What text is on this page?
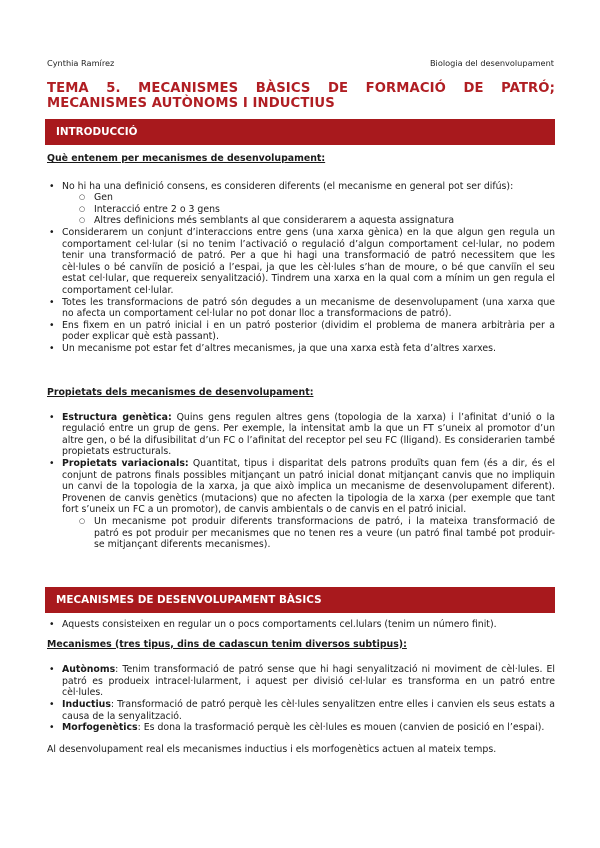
Cynthia Ramírez	Biologia del desenvolupament
TEMA 5. MECANISMES BÀSICS DE FORMACIÓ DE PATRÓ; MECANISMES AUTÒNOMS I INDUCTIUS
INTRODUCCIÓ
Què entenem per mecanismes de desenvolupament:
• No hi ha una definició consens, es consideren diferents (el mecanisme en general pot ser difús):
○ Gen
○ Interacció entre 2 o 3 gens
○ Altres definicions més semblants al que considerarem a aquesta assignatura
• Considerarem un conjunt d’interaccions entre gens (una xarxa gènica) en la que algun gen regula un comportament cel·lular (si no tenim l’activació o regulació d’algun comportament cel·lular, no podem tenir una transformació de patró. Per a que hi hagi una transformació de patró necessitem que les cèl·lules o bé canviïn de posició a l’espai, ja que les cèl·lules s’han de moure, o bé que canviïn el seu estat cel·lular, que requereix senyalització). Tindrem una xarxa en la qual com a mínim un gen regula el comportament cel·lular.
• Totes les transformacions de patró són degudes a un mecanisme de desenvolupament (una xarxa que no afecta un comportament cel·lular no pot donar lloc a transformacions de patró).
• Ens fixem en un patró inicial i en un patró posterior (dividim el problema de manera arbitrària per a poder explicar què està passant).
• Un mecanisme pot estar fet d’altres mecanismes, ja que una xarxa està feta d’altres xarxes.
Propietats dels mecanismes de desenvolupament:
• Estructura genètica: Quins gens regulen altres gens (topologia de la xarxa) i l’afinitat d’unió o la regulació entre un grup de gens. Per exemple, la intensitat amb la que un FT s’uneix al promotor d’un altre gen, o bé la difusibilitat d’un FC o l’afinitat del receptor pel seu FC (lligand). Es considerarien també propietats estructurals.
• Propietats variacionals: Quantitat, tipus i disparitat dels patrons produïts quan fem (és a dir, és el conjunt de patrons finals possibles mitjançant un patró inicial donat mitjançant canvis que no impliquin un canvi de la topologia de la xarxa, ja que això implica un mecanisme de desenvolupament diferent). Provenen de canvis genètics (mutacions) que no afecten la tipologia de la xarxa (per exemple que tant fort s’uneix un FC a un promotor), de canvis ambientals o de canvis en el patró inicial.
○ Un mecanisme pot produir diferents transformacions de patró, i la mateixa transformació de patró es pot produir per mecanismes que no tenen res a veure (un patró final també pot produir-se mitjançant diferents mecanismes).
MECANISMES DE DESENVOLUPAMENT BÀSICS
• Aquests consisteixen en regular un o pocs comportaments cel.lulars (tenim un número finit).
Mecanismes (tres tipus, dins de cadascun tenim diversos subtipus):
• Autònoms: Tenim transformació de patró sense que hi hagi senyalització ni moviment de cèl·lules. El patró es produeix intracel·lularment, i aquest per divisió cel·lular es transforma en un patró entre cèl·lules.
• Inductius: Transformació de patró perquè les cèl·lules senyalitzen entre elles i canvien els seus estats a causa de la senyalització.
• Morfogenètics: Es dona la trasformació perquè les cèl·lules es mouen (canvien de posició en l’espai).
Al desenvolupament real els mecanismes inductius i els morfogenètics actuen al mateix temps.
